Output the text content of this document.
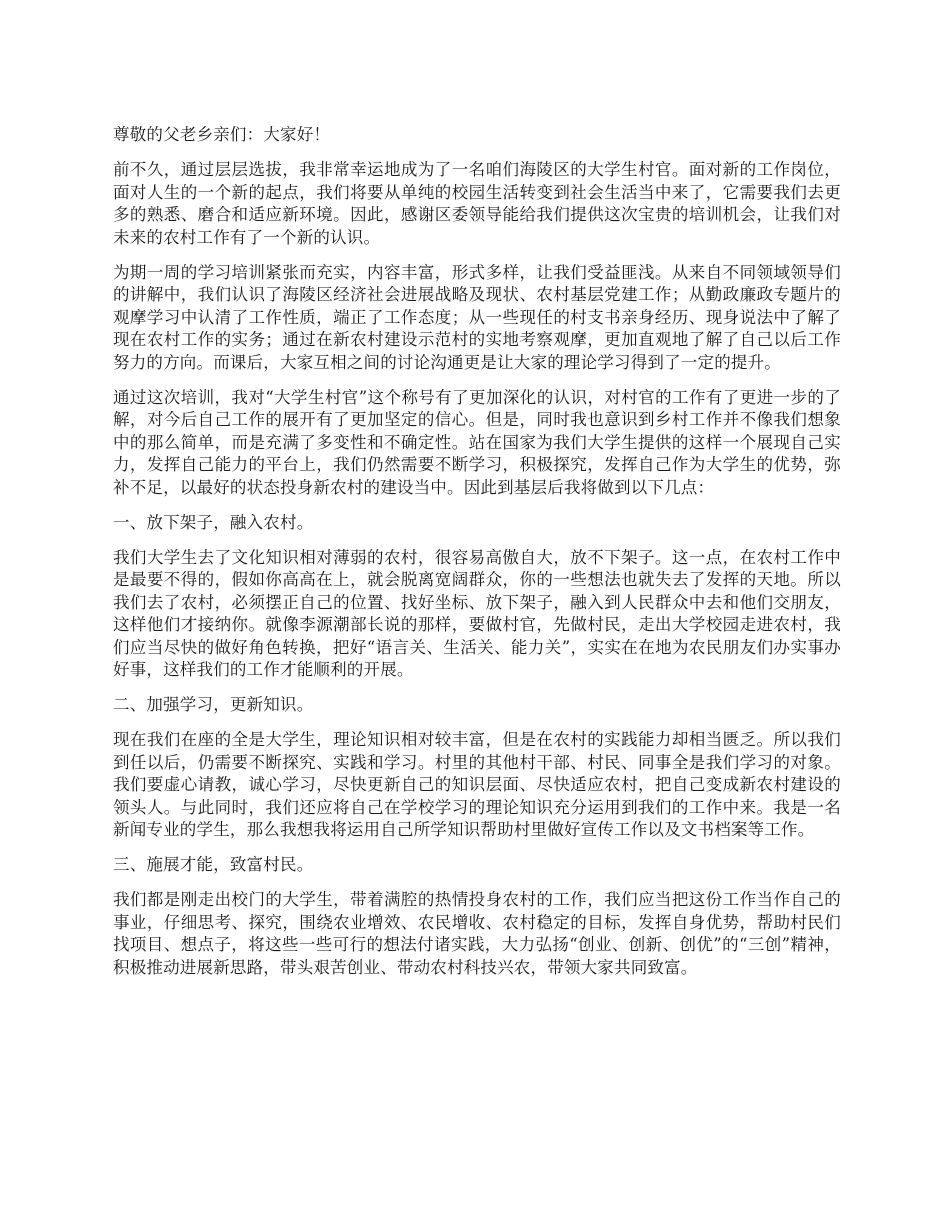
尊敬的父老乡亲们：大家好！

前不久，通过层层选拔，我非常幸运地成为了一名咱们海陵区的大学生村官。面对新的工作岗位，面对人生的一个新的起点，我们将要从单纯的校园生活转变到社会生活当中来了，它需要我们去更多的熟悉、磨合和适应新环境。因此，感谢区委领导能给我们提供这次宝贵的培训机会，让我们对未来的农村工作有了一个新的认识。

为期一周的学习培训紧张而充实，内容丰富，形式多样，让我们受益匪浅。从来自不同领域领导们的讲解中，我们认识了海陵区经济社会进展战略及现状、农村基层党建工作；从勤政廉政专题片的观摩学习中认清了工作性质，端正了工作态度；从一些现任的村支书亲身经历、现身说法中了解了现在农村工作的实务；通过在新农村建设示范村的实地考察观摩，更加直观地了解了自己以后工作努力的方向。而课后，大家互相之间的讨论沟通更是让大家的理论学习得到了一定的提升。

通过这次培训，我对“大学生村官”这个称号有了更加深化的认识，对村官的工作有了更进一步的了解，对今后自己工作的展开有了更加坚定的信心。但是，同时我也意识到乡村工作并不像我们想象中的那么简单，而是充满了多变性和不确定性。站在国家为我们大学生提供的这样一个展现自己实力，发挥自己能力的平台上，我们仍然需要不断学习，积极探究，发挥自己作为大学生的优势，弥补不足，以最好的状态投身新农村的建设当中。因此到基层后我将做到以下几点：

一、放下架子，融入农村。

我们大学生去了文化知识相对薄弱的农村，很容易高傲自大，放不下架子。这一点，在农村工作中是最要不得的，假如你高高在上，就会脱离宽阔群众，你的一些想法也就失去了发挥的天地。所以我们去了农村，必须摆正自己的位置、找好坐标、放下架子，融入到人民群众中去和他们交朋友，这样他们才接纳你。就像李源潮部长说的那样，要做村官，先做村民，走出大学校园走进农村，我们应当尽快的做好角色转换，把好“语言关、生活关、能力关”，实实在在地为农民朋友们办实事办好事，这样我们的工作才能顺利的开展。

二、加强学习，更新知识。

现在我们在座的全是大学生，理论知识相对较丰富，但是在农村的实践能力却相当匮乏。所以我们到任以后，仍需要不断探究、实践和学习。村里的其他村干部、村民、同事全是我们学习的对象。我们要虚心请教，诚心学习，尽快更新自己的知识层面、尽快适应农村，把自己变成新农村建设的领头人。与此同时，我们还应将自己在学校学习的理论知识充分运用到我们的工作中来。我是一名新闻专业的学生，那么我想我将运用自己所学知识帮助村里做好宣传工作以及文书档案等工作。

三、施展才能，致富村民。

我们都是刚走出校门的大学生，带着满腔的热情投身农村的工作，我们应当把这份工作当作自己的事业，仔细思考、探究，围绕农业增效、农民增收、农村稳定的目标，发挥自身优势，帮助村民们找项目、想点子，将这些一些可行的想法付诸实践，大力弘扬“创业、创新、创优”的“三创”精神，积极推动进展新思路，带头艰苦创业、带动农村科技兴农，带领大家共同致富。
